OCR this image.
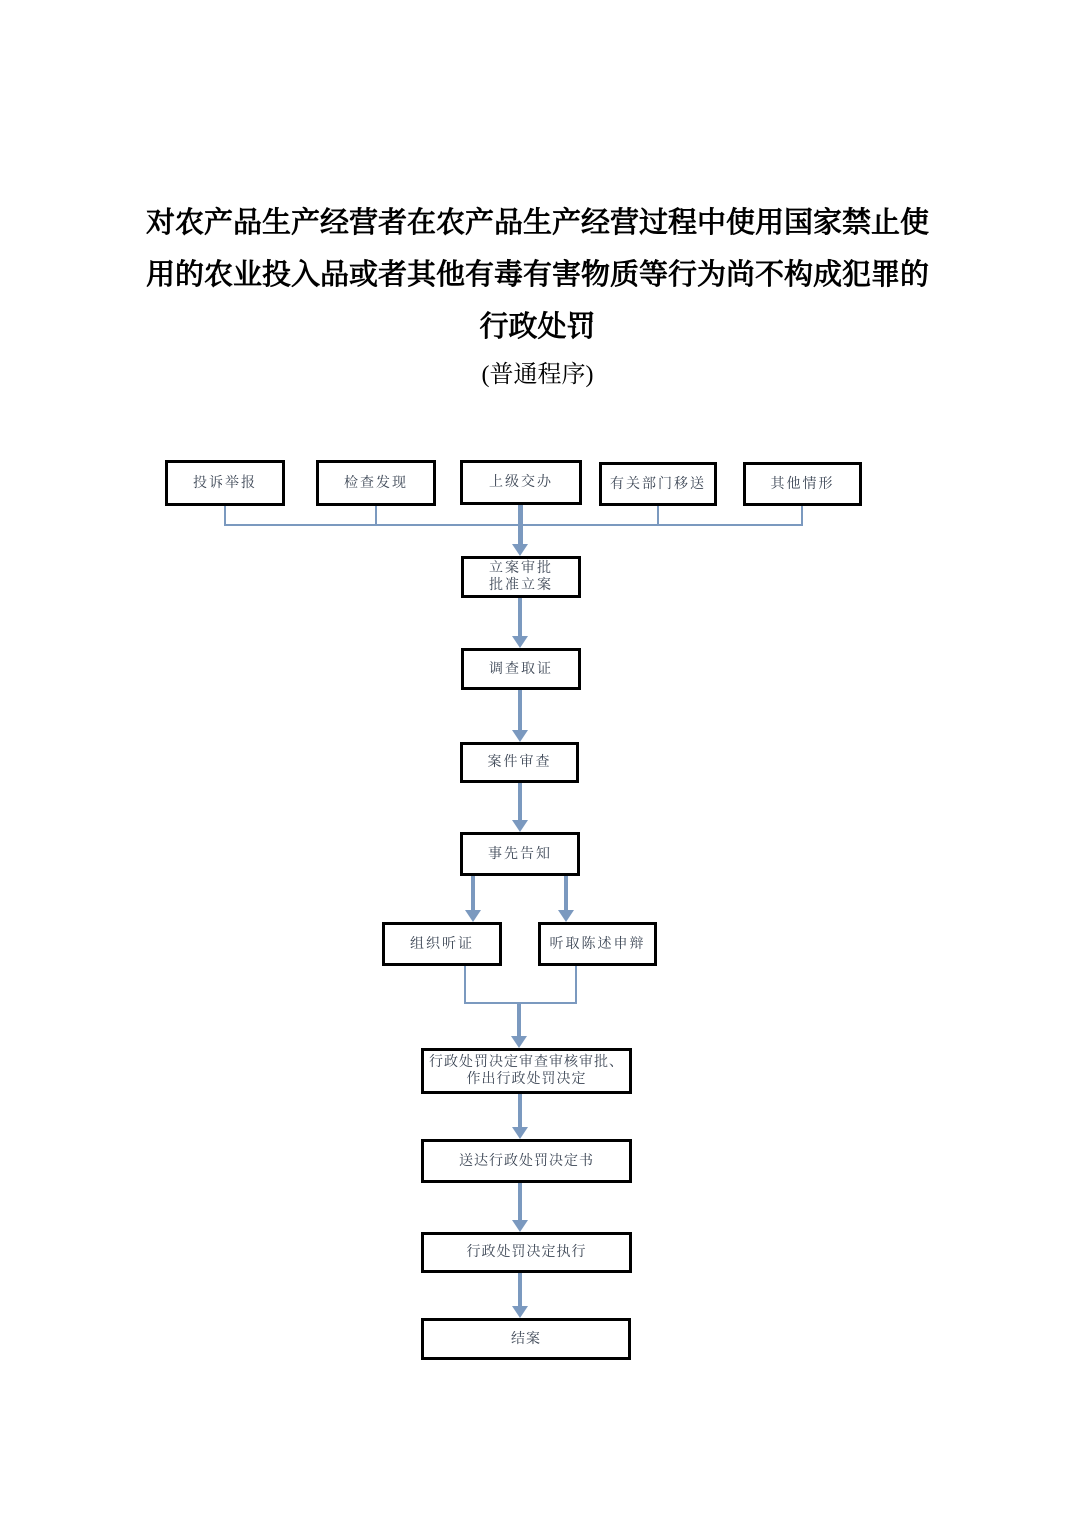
对农产品生产经营者在农产品生产经营过程中使用国家禁止使
用的农业投入品或者其他有毒有害物质等行为尚不构成犯罪的
行政处罚
(普通程序)
投诉举报	检查发现	上级交办	有关部门移送	其他情形
立案审批
批准立案
调查取证
案件审查
事先告知
组织听证	听取陈述申辩
行政处罚决定审查审核审批、
作出行政处罚决定
送达行政处罚决定书
行政处罚决定执行
结案
